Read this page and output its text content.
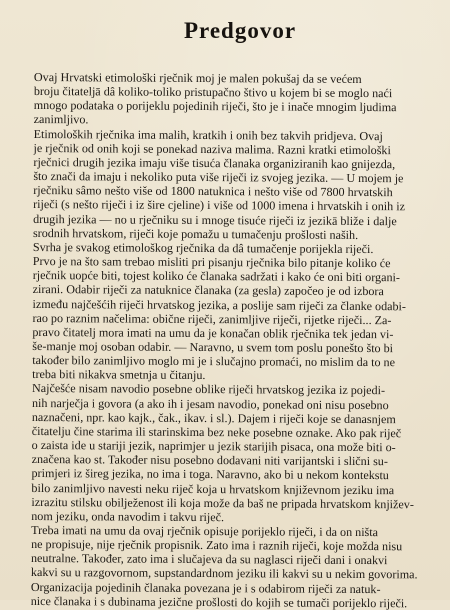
Predgovor

Ovaj Hrvatski etimološki rječnik moj je malen pokušaj da se većem
broju čitateljā dâ koliko-toliko pristupačno štivo u kojem bi se moglo naći
mnogo podataka o porijeklu pojedinih riječi, što je i inače mnogim ljudima
zanimljivo.

Etimoloških rječnika ima malih, kratkih i onih bez takvih pridjeva. Ovaj
je rječnik od onih koji se ponekad naziva malima. Razni kratki etimološki
rječnici drugih jezika imaju više tisuća članaka organiziranih kao gnijezda,
što znači da imaju i nekoliko puta više riječi iz svojeg jezika. — U mojem je
rječniku sâmo nešto više od 1800 natuknica i nešto više od 7800 hrvatskih
riječi (s nešto riječi i iz šire cjeline) i više od 1000 imena i hrvatskih i onih iz
drugih jezika — no u rječniku su i mnoge tisuće riječi iz jezikā bliže i dalje
srodnih hrvatskom, riječi koje pomažu u tumačenju prošlosti naših.

Svrha je svakog etimološkog rječnika da dâ tumačenje porijekla riječi.

Prvo je na što sam trebao misliti pri pisanju rječnika bilo pitanje koliko će
rječnik uopće biti, tojest koliko će članaka sadržati i kako će oni biti organi-
zirani. Odabir riječi za natuknice članaka (za gesla) započeo je od izbora
između najčešćih riječi hrvatskog jezika, a poslije sam riječi za članke odabi-
rao po raznim načelima: obične riječi, zanimljive riječi, rijetke riječi... Za-
pravo čitatelj mora imati na umu da je konačan oblik rječnika tek jedan vi-
še-manje moj osoban odabir. — Naravno, u svem tom poslu ponešto što bi
također bilo zanimljivo moglo mi je i slučajno promaći, no mislim da to ne
treba biti nikakva smetnja u čitanju.

Najčešće nisam navodio posebne oblike riječi hrvatskog jezika iz pojedi-
nih narječja i govora (a ako ih i jesam navodio, ponekad oni nisu posebno
naznačeni, npr. kao kajk., čak., ikav. i sl.). Dajem i riječi koje se danasnjem
čitatelju čine starima ili starinskima bez neke posebne oznake. Ako pak riječ
o zaista ide u stariji jezik, naprimjer u jezik starijih pisaca, ona može biti o-
značena kao st. Također nisu posebno dodavani niti varijantski i slični su-
primjeri iz šireg jezika, no ima i toga. Naravno, ako bi u nekom kontekstu
bilo zanimljivo navesti neku riječ koja u hrvatskom književnom jeziku ima
izrazitu stilsku obilježenost ili koja može da baš ne pripada hrvatskom književ-
nom jeziku, onda navodim i takvu riječ.

Treba imati na umu da ovaj rječnik opisuje porijeklo riječi, i da on ništa
ne propisuje, nije rječnik propisnik. Zato ima i raznih riječi, koje možda nisu
neutralne. Također, zato ima i slučajeva da su naglasci riječi dani i onakvi
kakvi su u razgovornom, supstandardnom jeziku ili kakvi su u nekim govorima.

Organizacija pojedinih članaka povezana je i s odabirom riječi za natuk-
nice članaka i s dubinama jezične prošlosti do kojih se tumači porijeklo riječi.
